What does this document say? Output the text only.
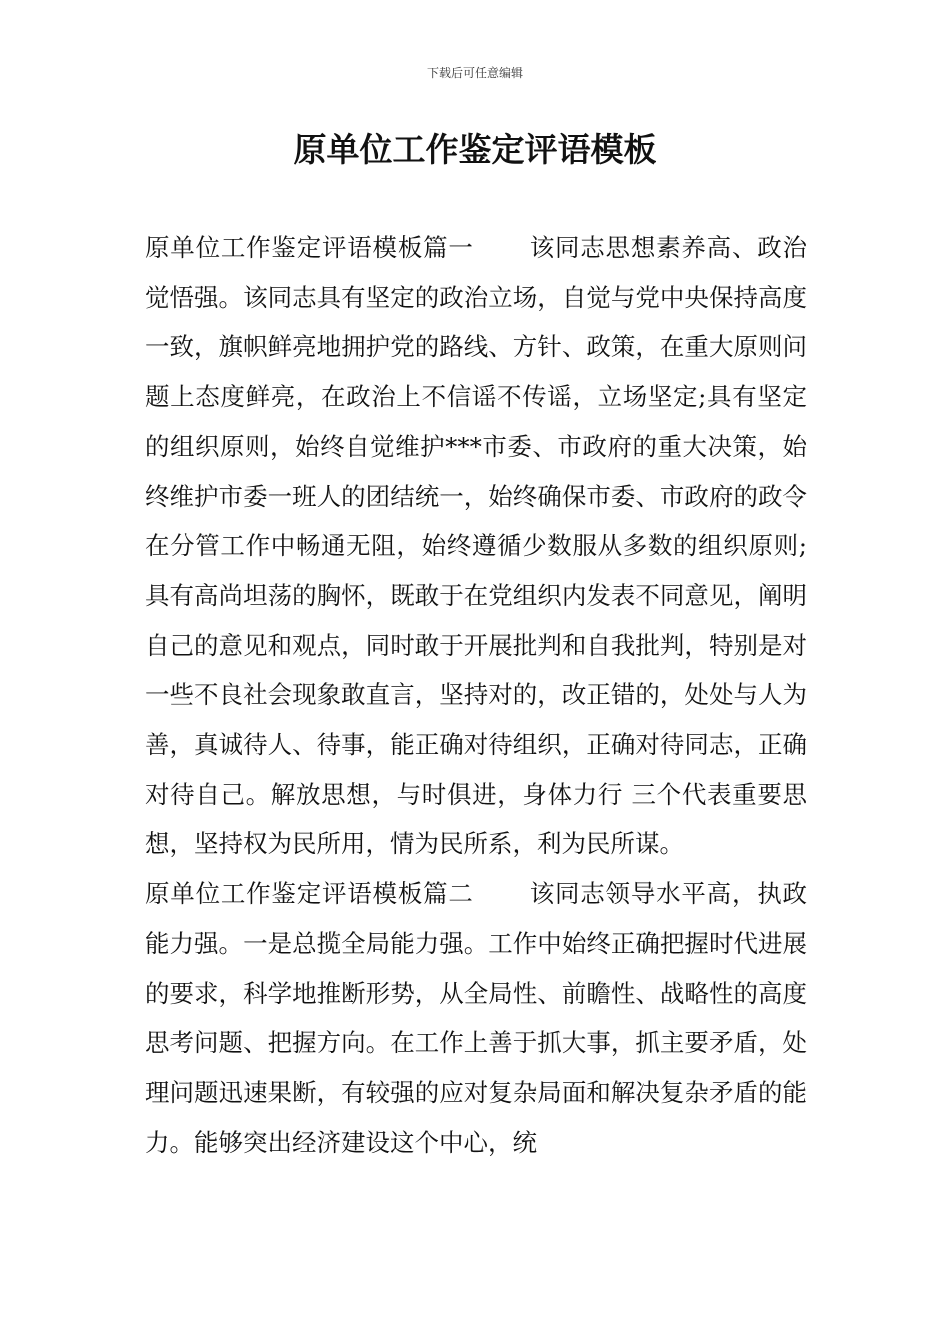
下载后可任意编辑
原单位工作鉴定评语模板

原单位工作鉴定评语模板篇一 该同志思想素养高、政治觉悟强。该同志具有坚定的政治立场，自觉与党中央保持高度一致，旗帜鲜亮地拥护党的路线、方针、政策，在重大原则问题上态度鲜亮，在政治上不信谣不传谣，立场坚定;具有坚定的组织原则，始终自觉维护***市委、市政府的重大决策，始终维护市委一班人的团结统一，始终确保市委、市政府的政令在分管工作中畅通无阻，始终遵循少数服从多数的组织原则;具有高尚坦荡的胸怀，既敢于在党组织内发表不同意见，阐明自己的意见和观点，同时敢于开展批判和自我批判，特别是对一些不良社会现象敢直言，坚持对的，改正错的，处处与人为善，真诚待人、待事，能正确对待组织，正确对待同志，正确对待自己。解放思想，与时俱进，身体力行 三个代表重要思想，坚持权为民所用，情为民所系，利为民所谋。

原单位工作鉴定评语模板篇二 该同志领导水平高，执政能力强。一是总揽全局能力强。工作中始终正确把握时代进展的要求，科学地推断形势，从全局性、前瞻性、战略性的高度思考问题、把握方向。在工作上善于抓大事，抓主要矛盾，处理问题迅速果断，有较强的应对复杂局面和解决复杂矛盾的能力。能够突出经济建设这个中心，统
